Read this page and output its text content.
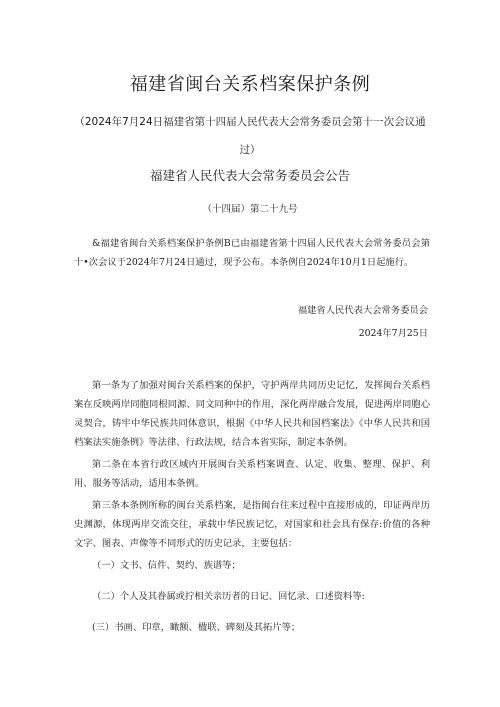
福建省闽台关系档案保护条例
（2024年7月24日福建省第十四届人民代表大会常务委员会第十一次会议通过）
福建省人民代表大会常务委员会公告
（十四届）第二十九号
&福建省闽台关系档案保护条例B已由福建省第十四届人民代表大会常务委员会第十•次会议于2024年7月24日通过，现予公布。本条例自2024年10月1日起施行。
福建省人民代表大会常务委员会
2024年7月25日

第一条为了加强对闽台关系档案的保护，守护两岸共同历史记忆，发挥闽台关系档案在反映两岸同胞同根同源、同文同种中的作用，深化两岸融合发展，促进两岸同胞心灵契合，铸牢中华民族共同体意识，根据《中华人民共和国档案法》《中华人民共和国档案法实施条例》等法律、行政法规，结合本省实际，制定本条例。

第二条在本省行政区域内开展闽台关系档案调査、认定、收集、整理、保护、利用、服务等活动，适用本条例。

第三条本条例所称的闽台关系档案，是指闽台往来过程中直接形成的，印证两岸历史渊源，体现两岸交流交往，承载中华民族记忆，对国家和社会具有保存:价值的各种文字、图表、声像等不同形式的历史记录，主要包括：

（一）文书、信件、契约、族谱等；
（二）个人及其眷属或拧相关亲历者的日记、回忆录、口述资料等:
(三）书画、印章，瞰额、楹联、碑刻及其拓片等；
